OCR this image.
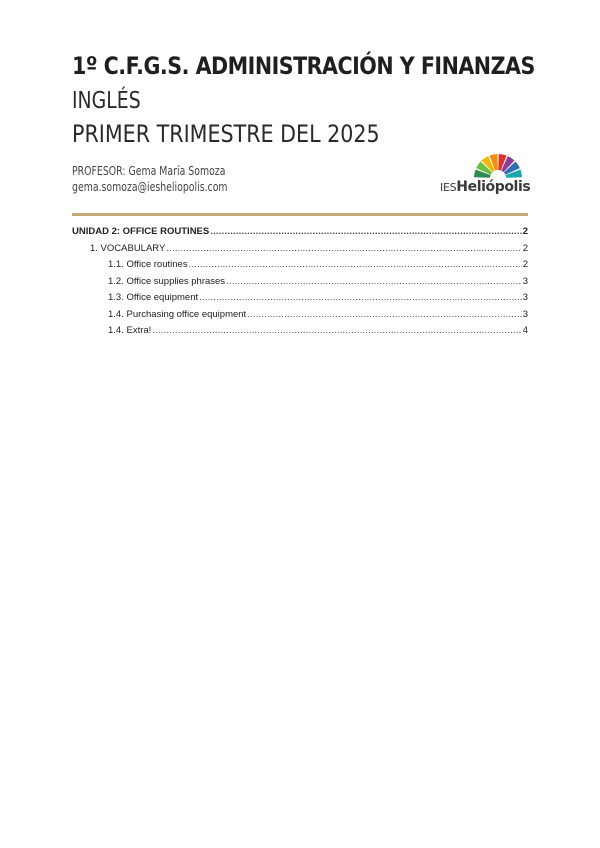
1º C.F.G.S. ADMINISTRACIÓN Y FINANZAS
INGLÉS
PRIMER TRIMESTRE DEL 2025
PROFESOR: Gema María Somoza
gema.somoza@iesheliopolis.com	IESHeliópolis
UNIDAD 2: OFFICE ROUTINES .....	2
1. VOCABULARY .....	2
1.1. Office routines .....	2
1.2. Office supplies phrases .....	3
1.3. Office equipment .....	3
1.4. Purchasing office equipment .....	3
1.4. Extra! .....	4
